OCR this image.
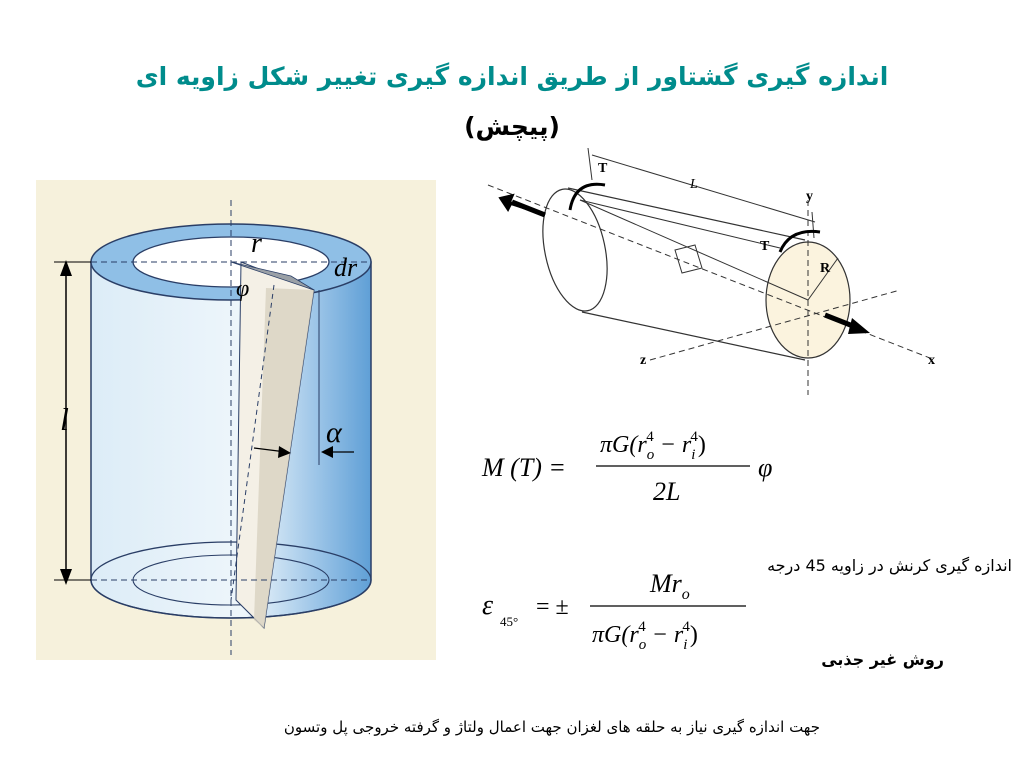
اندازه گیری گشتاور از طریق اندازه گیری تغییر شکل زاویه ای
(پیچش)
r
dr
φ
l	α
T
T
L
y
R
z	x
M (T) =
$\pi G(r_o4 - r_i4)$
2L
φ
ε
45°
= ±
$Mr_o$
$\pi G(r_o4 - r_i4)$
اندازه گیری کرنش در زاویه 45 درجه
روش غیر جذبی
جهت اندازه گیری نیاز به حلقه های لغزان جهت اعمال ولتاژ و گرفته خروجی پل وتسون
